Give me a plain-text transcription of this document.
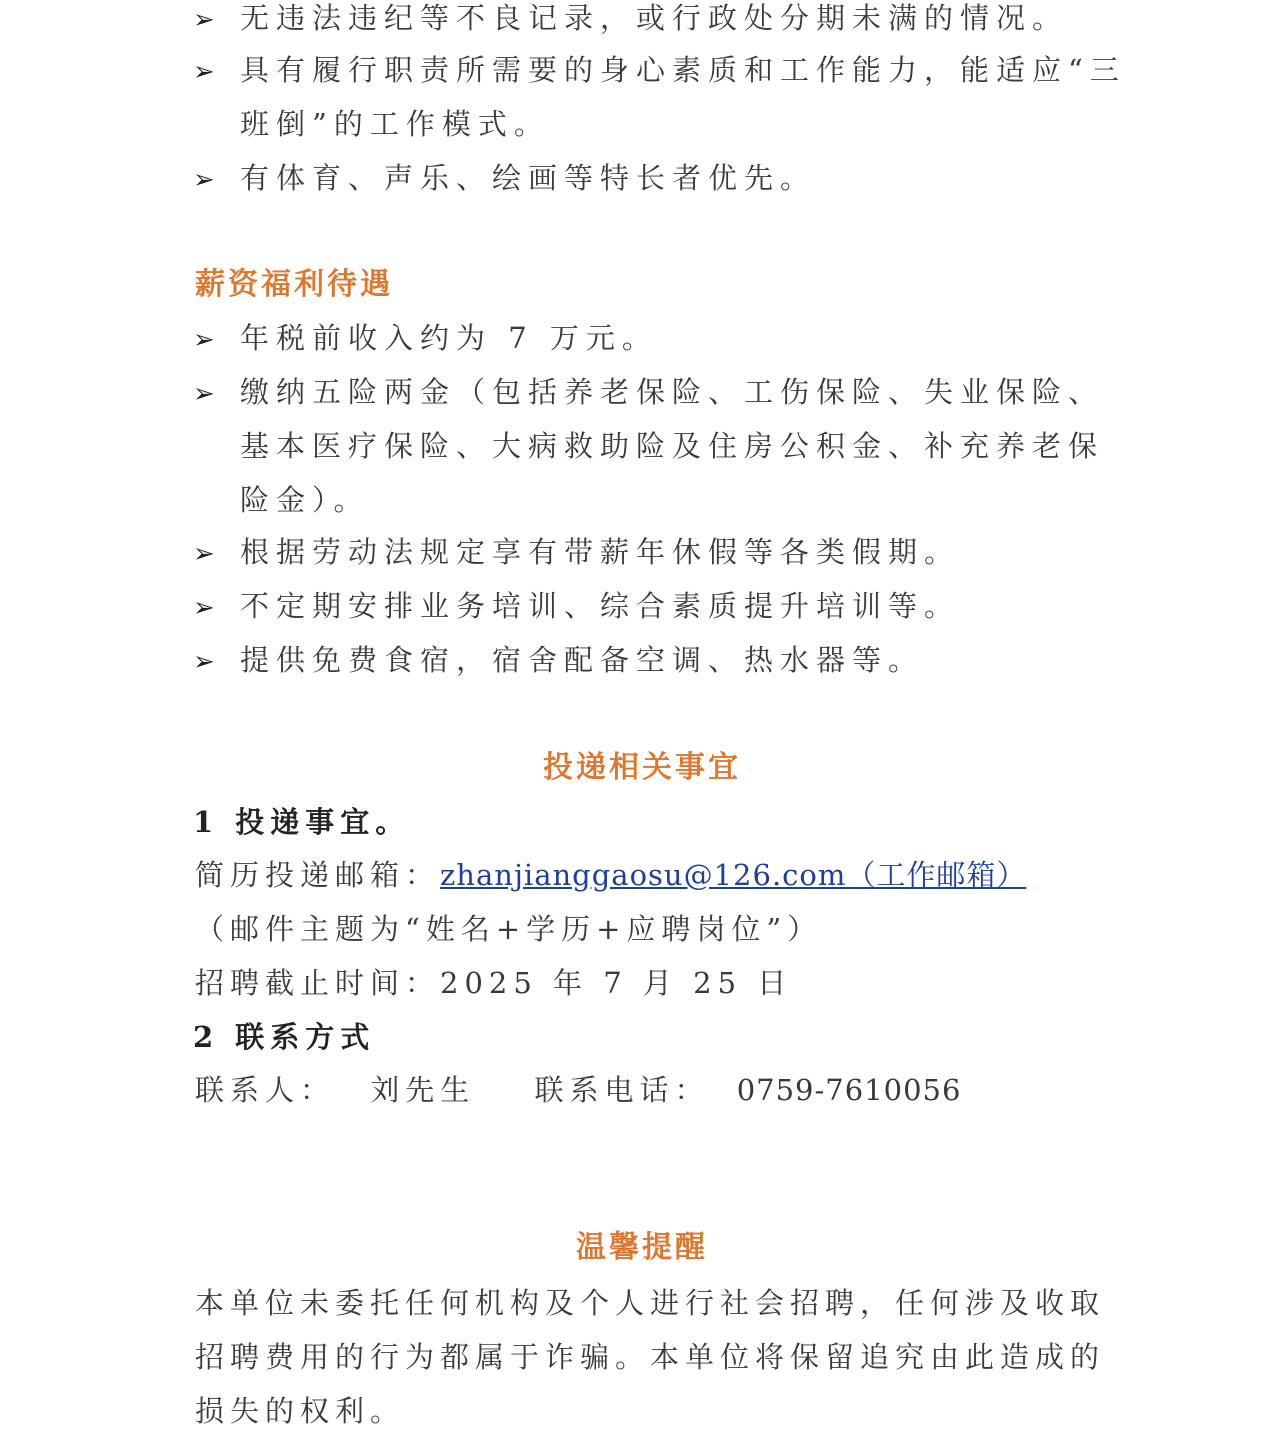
➢ 无违法违纪等不良记录，或行政处分期未满的情况。
➢ 具有履行职责所需要的身心素质和工作能力，能适应“三
班倒”的工作模式。
➢ 有体育、声乐、绘画等特长者优先。
薪资福利待遇
➢ 年税前收入约为 7 万元。
➢ 缴纳五险两金（包括养老保险、工伤保险、失业保险、
基本医疗保险、大病救助险及住房公积金、补充养老保
险金）。
➢ 根据劳动法规定享有带薪年休假等各类假期。
➢ 不定期安排业务培训、综合素质提升培训等。
➢ 提供免费食宿，宿舍配备空调、热水器等。
投递相关事宜
1 投递事宜。
简历投递邮箱：zhanjianggaosu@126.com（工作邮箱）
（邮件主题为“姓名+学历+应聘岗位”）
招聘截止时间：2025 年 7 月 25 日
2 联系方式
联系人： 刘先生 联系电话： 0759-7610056
温馨提醒
本单位未委托任何机构及个人进行社会招聘，任何涉及收取
招聘费用的行为都属于诈骗。本单位将保留追究由此造成的
损失的权利。
